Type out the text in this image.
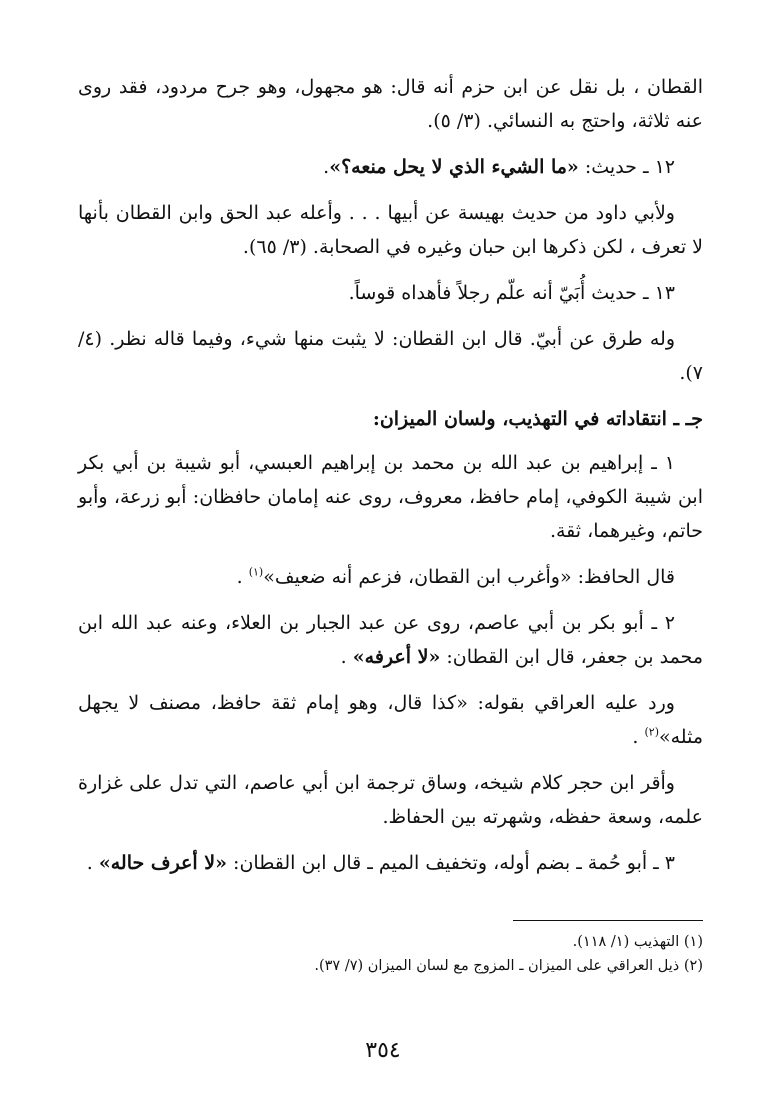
القطان ، بل نقل عن ابن حزم أنه قال: هو مجهول، وهو جرح مردود، فقد روى عنه ثلاثة، واحتج به النسائي. (٣/ ٥).

١٢ ـ حديث: «ما الشيء الذي لا يحل منعه؟».

ولأبي داود من حديث بهيسة عن أبيها . . . وأعله عبد الحق وابن القطان بأنها لا تعرف ، لكن ذكرها ابن حبان وغيره في الصحابة. (٣/ ٦٥).

١٣ ـ حديث أُبَيّ أنه علّم رجلاً فأهداه قوساً.

وله طرق عن أبيّ. قال ابن القطان: لا يثبت منها شيء، وفيما قاله نظر. (٤/ ٧).

جـ ـ انتقاداته في التهذيب، ولسان الميزان:

١ ـ إبراهيم بن عبد الله بن محمد بن إبراهيم العبسي، أبو شيبة بن أبي بكر ابن شيبة الكوفي، إمام حافظ، معروف، روى عنه إمامان حافظان: أبو زرعة، وأبو حاتم، وغيرهما، ثقة.

قال الحافظ: «وأغرب ابن القطان، فزعم أنه ضعيف»$^{(١)}$ .

٢ ـ أبو بكر بن أبي عاصم، روى عن عبد الجبار بن العلاء، وعنه عبد الله ابن محمد بن جعفر، قال ابن القطان: «لا أعرفه» .

ورد عليه العراقي بقوله: «كذا قال، وهو إمام ثقة حافظ، مصنف لا يجهل مثله»$^{(٢)}$ .

وأقر ابن حجر كلام شيخه، وساق ترجمة ابن أبي عاصم، التي تدل على غزارة علمه، وسعة حفظه، وشهرته بين الحفاظ.

٣ ـ أبو حُمة ـ بضم أوله، وتخفيف الميم ـ قال ابن القطان: «لا أعرف حاله» .

(١) التهذيب (١/ ١١٨).

(٢) ذيل العراقي على الميزان ـ المزوج مع لسان الميزان (٧/ ٣٧).

٣٥٤
